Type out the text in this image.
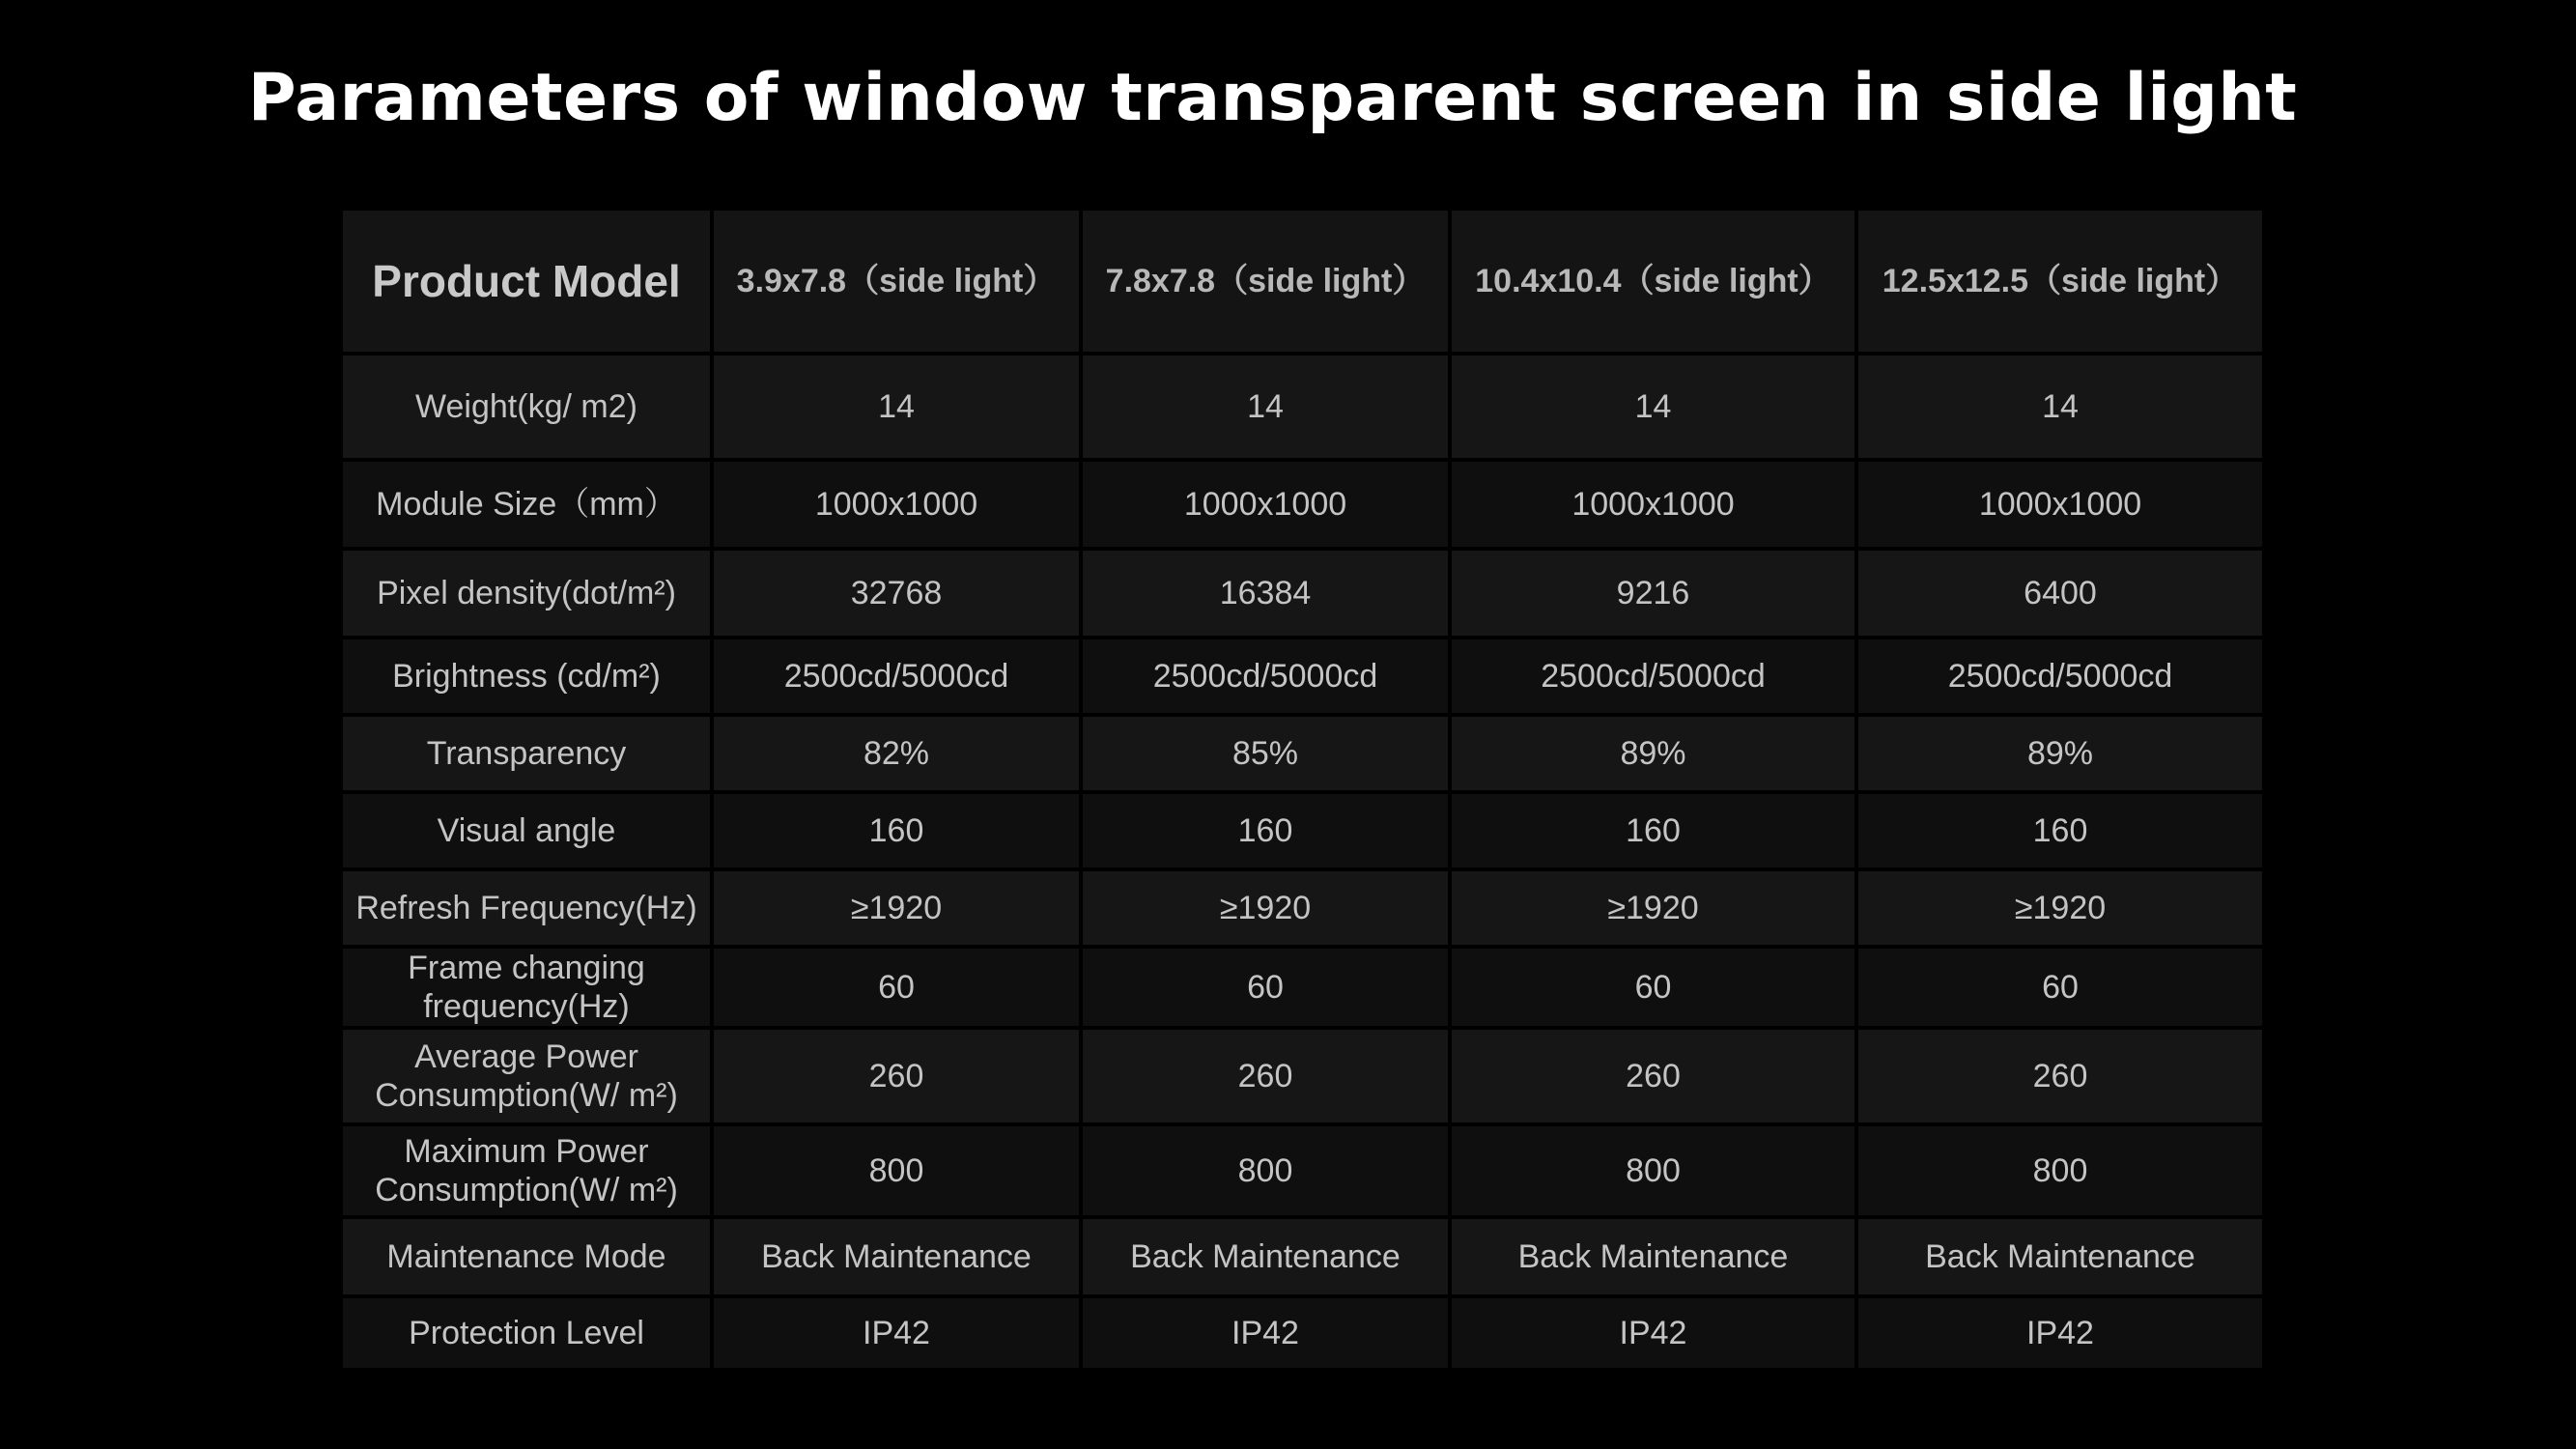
Parameters of window transparent screen in side light
Product Model	3.9x7.8（side light）	7.8x7.8（side light）	10.4x10.4（side light）	12.5x12.5（side light）
Weight(kg/ m2)	14	14	14	14
Module Size（mm）	1000x1000	1000x1000	1000x1000	1000x1000
Pixel density(dot/m²)	32768	16384	9216	6400
Brightness (cd/m²)	2500cd/5000cd	2500cd/5000cd	2500cd/5000cd	2500cd/5000cd
Transparency	82%	85%	89%	89%
Visual angle	160	160	160	160
Refresh Frequency(Hz)	≥1920	≥1920	≥1920	≥1920
Frame changing frequency(Hz)	60	60	60	60
Average Power Consumption(W/ m²)	260	260	260	260
Maximum Power Consumption(W/ m²)	800	800	800	800
Maintenance Mode	Back Maintenance	Back Maintenance	Back Maintenance	Back Maintenance
Protection Level	IP42	IP42	IP42	IP42
